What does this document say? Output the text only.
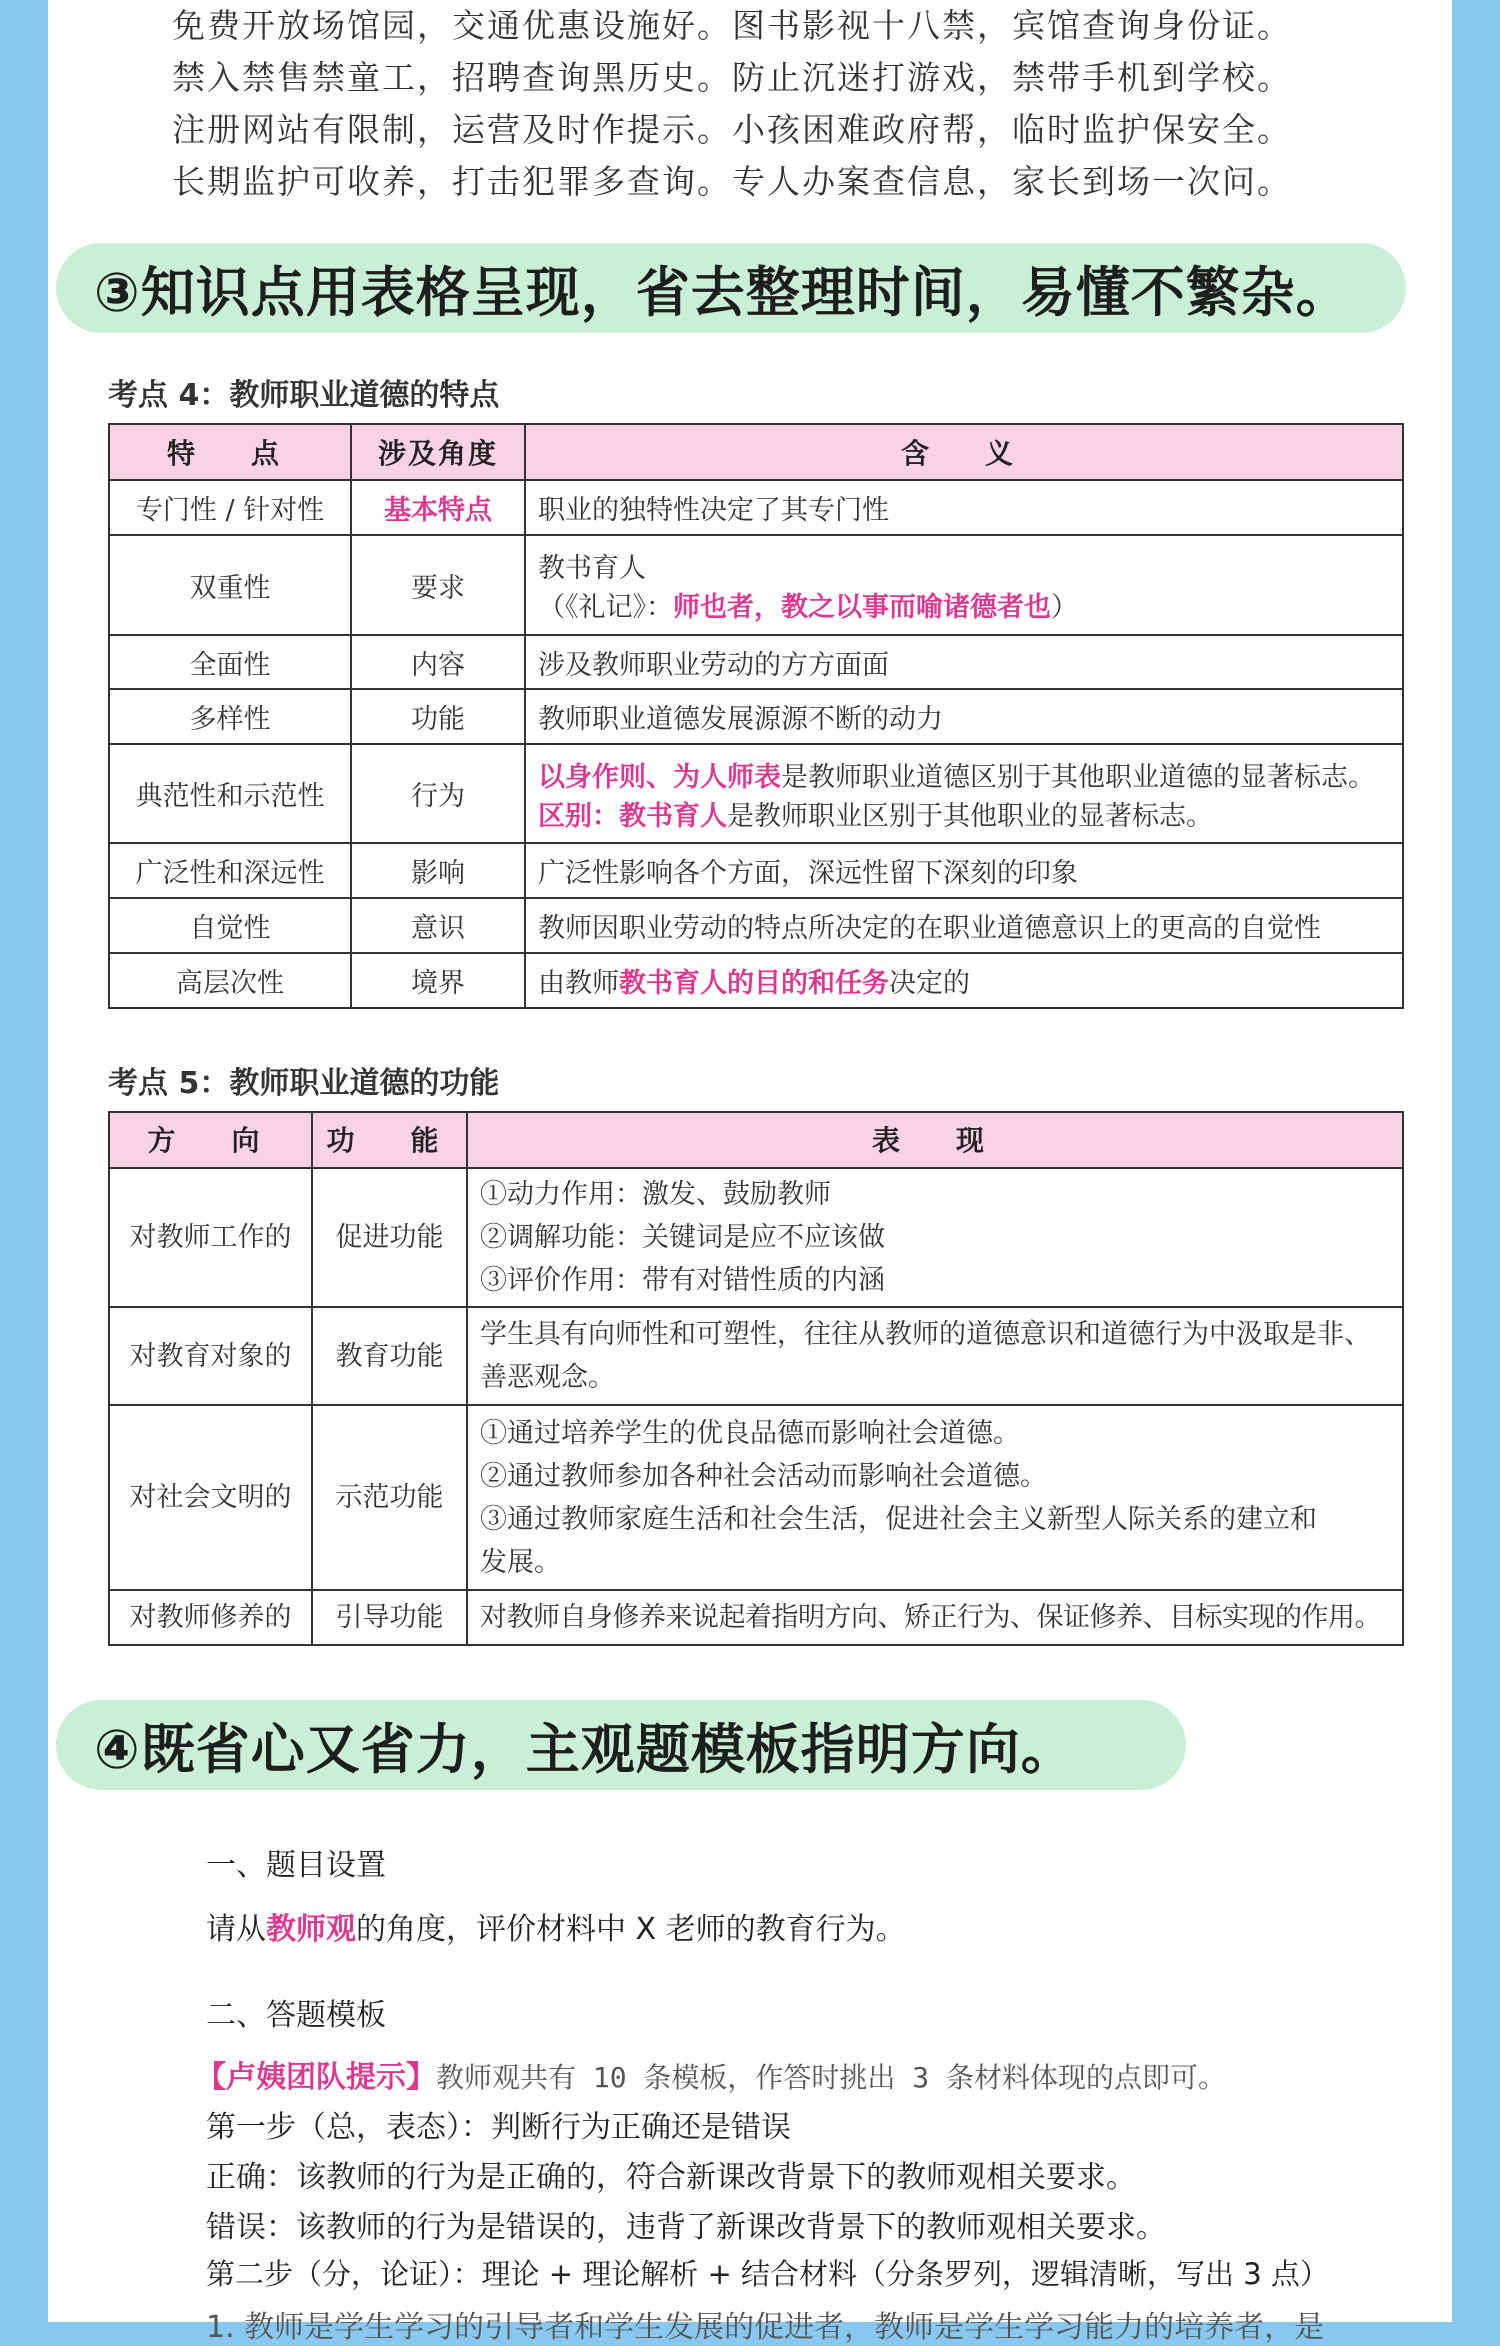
免费开放场馆园，交通优惠设施好。图书影视十八禁，宾馆查询身份证。
禁入禁售禁童工，招聘查询黑历史。防止沉迷打游戏，禁带手机到学校。
注册网站有限制，运营及时作提示。小孩困难政府帮，临时监护保安全。
长期监护可收养，打击犯罪多查询。专人办案查信息，家长到场一次问。
③知识点用表格呈现，省去整理时间，易懂不繁杂。
考点 4：教师职业道德的特点
特　点	涉及角度	含　义
专门性 / 针对性	基本特点	职业的独特性决定了其专门性
双重性	要求	教书育人
（《礼记》：师也者，教之以事而喻诸德者也）

全面性	内容	涉及教师职业劳动的方方面面
多样性	功能	教师职业道德发展源源不断的动力
典范性和示范性	行为	以身作则、为人师表是教师职业道德区别于其他职业道德的显著标志。
区别：教书育人是教师职业区别于其他职业的显著标志。

广泛性和深远性	影响	广泛性影响各个方面，深远性留下深刻的印象
自觉性	意识	教师因职业劳动的特点所决定的在职业道德意识上的更高的自觉性
高层次性	境界	由教师教书育人的目的和任务决定的
考点 5：教师职业道德的功能
方　向	功　能	表　现
对教师工作的	促进功能	①动力作用：激发、鼓励教师
②调解功能：关键词是应不应该做
③评价作用：带有对错性质的内涵

对教育对象的	教育功能	学生具有向师性和可塑性，往往从教师的道德意识和道德行为中汲取是非、
善恶观念。

对社会文明的	示范功能	①通过培养学生的优良品德而影响社会道德。
②通过教师参加各种社会活动而影响社会道德。
③通过教师家庭生活和社会生活，促进社会主义新型人际关系的建立和
发展。

对教师修养的	引导功能	对教师自身修养来说起着指明方向、矫正行为、保证修养、目标实现的作用。
④既省心又省力，主观题模板指明方向。
一、题目设置
请从教师观的角度，评价材料中 X 老师的教育行为。
二、答题模板
【卢姨团队提示】教师观共有 10 条模板，作答时挑出 3 条材料体现的点即可。
第一步（总，表态）：判断行为正确还是错误
正确：该教师的行为是正确的，符合新课改背景下的教师观相关要求。
错误：该教师的行为是错误的，违背了新课改背景下的教师观相关要求。
第二步（分，论证）：理论 + 理论解析 + 结合材料（分条罗列，逻辑清晰，写出 3 点）
1. 教师是学生学习的引导者和学生发展的促进者，教师是学生学习能力的培养者，是
